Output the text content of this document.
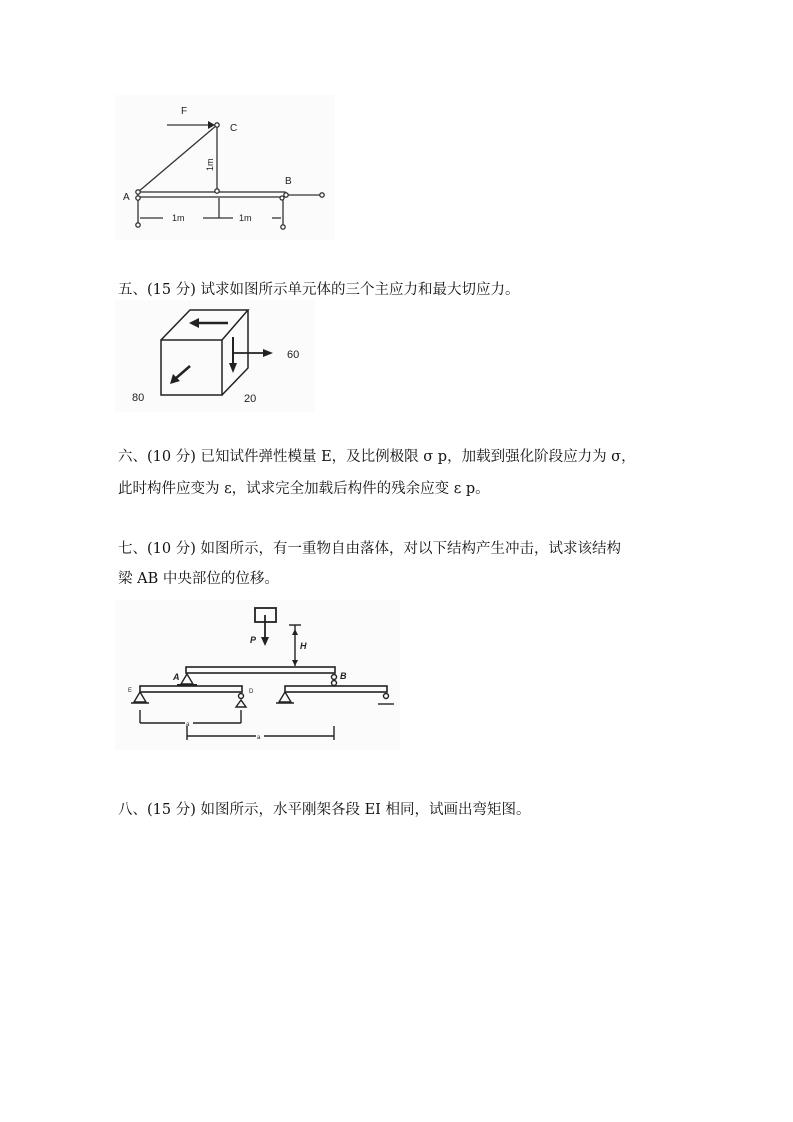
F
C
B
A
1m
1m	1m
五、(15 分) 试求如图所示单元体的三个主应力和最大切应力。
60
80	20
六、(10 分) 已知试件弹性模量 E，及比例极限 σ p，加载到强化阶段应力为 σ，
此时构件应变为 ε，试求完全加载后构件的残余应变 ε p。
七、(10 分) 如图所示，有一重物自由落体，对以下结构产生冲击，试求该结构
梁 AB 中央部位的位移。
P
H
A	B
E	D
a
a
八、(15 分) 如图所示，水平刚架各段 EI 相同，试画出弯矩图。
